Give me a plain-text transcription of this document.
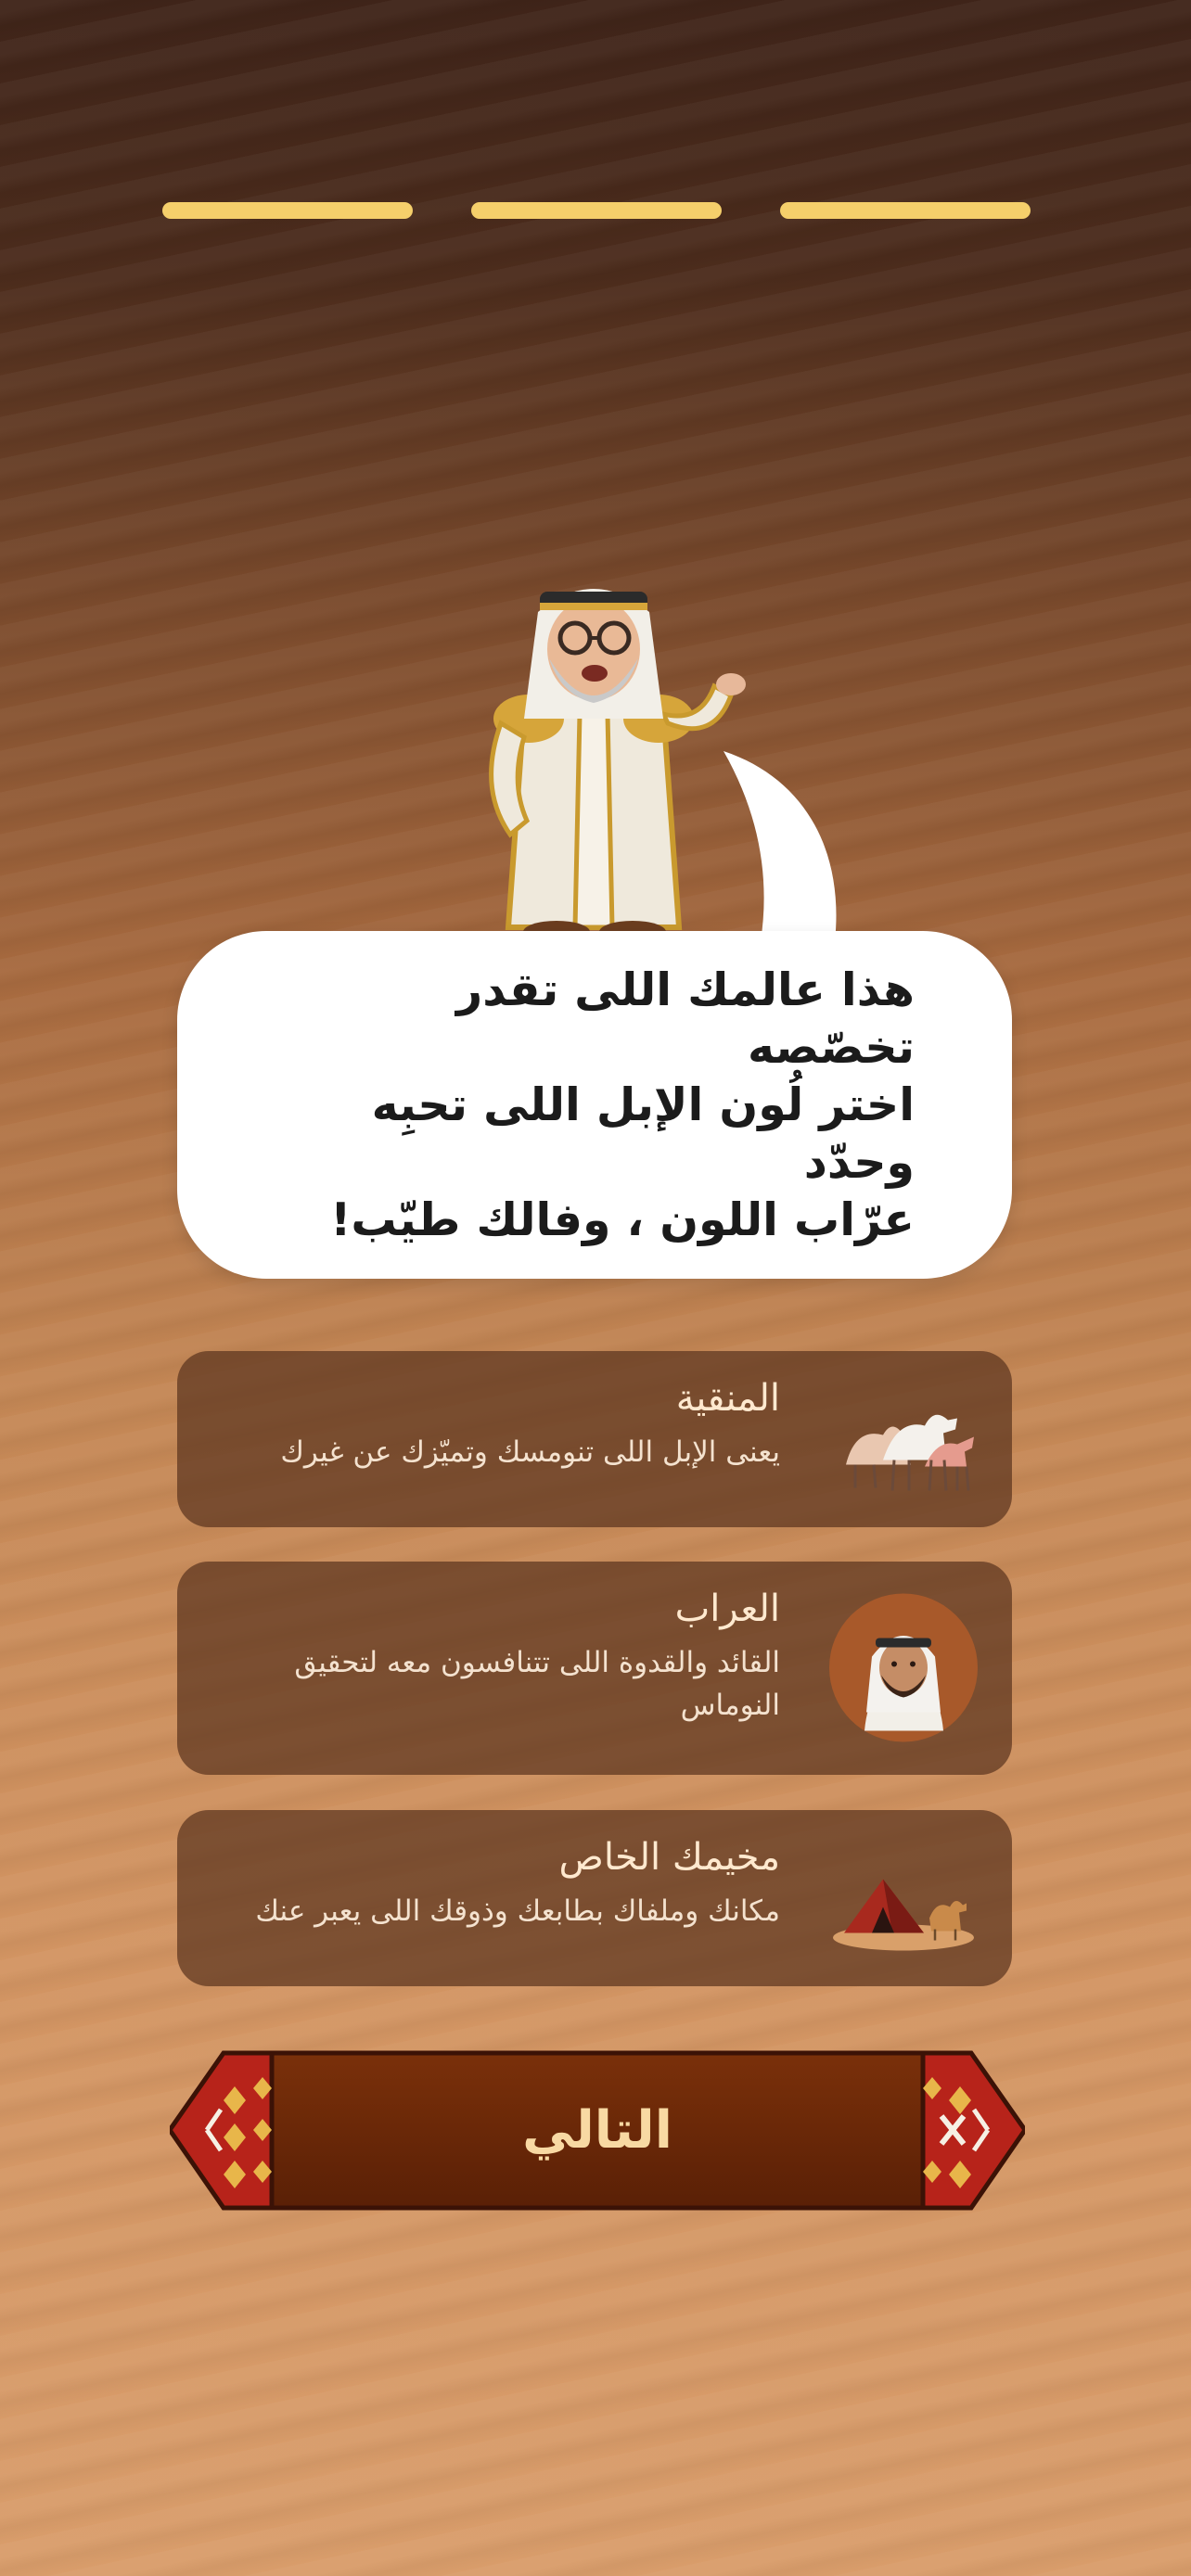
هذا عالمك اللى تقدر تخصّصه
اختر لُون الإبل اللى تحبِه وحدّد
عرّاب اللون ، وفالك طيّب!
المنقية
يعنى الإبل اللى تنومسك وتميّزك عن غيرك
العراب
القائد والقدوة اللى تتنافسون معه لتحقيق النوماس
مخيمك الخاص
مكانك وملفاك بطابعك وذوقك اللى يعبر عنك
التالي
